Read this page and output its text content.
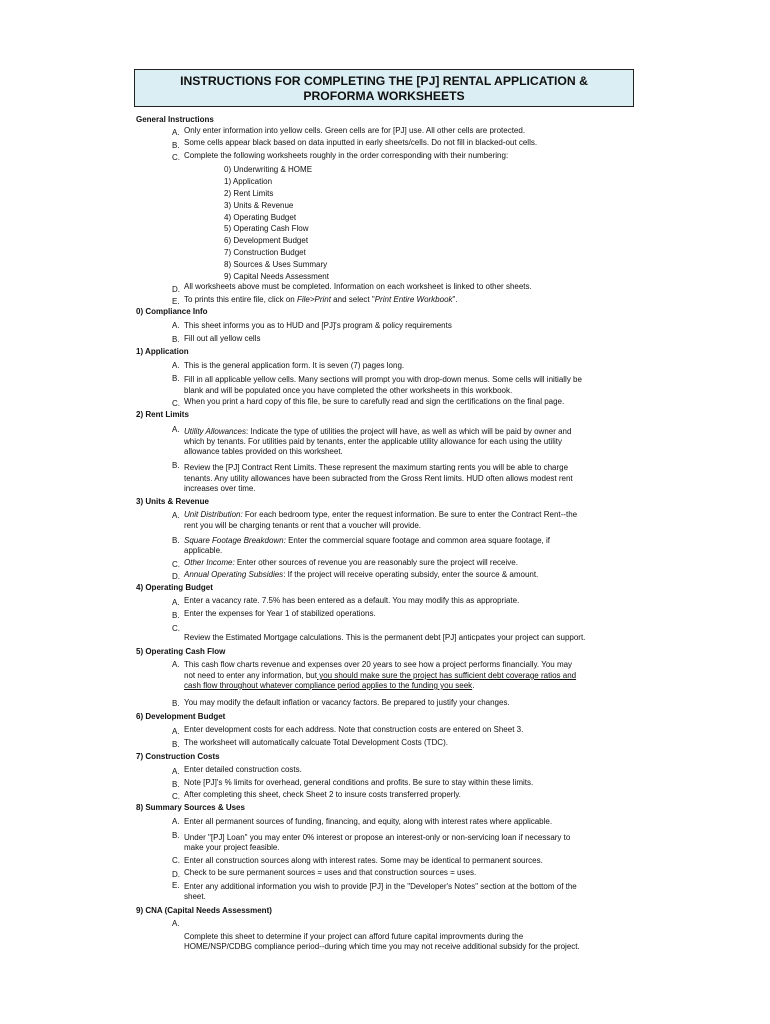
INSTRUCTIONS FOR COMPLETING THE [PJ] RENTAL APPLICATION &
PROFORMA WORKSHEETS
General Instructions
A. Only enter information into yellow cells. Green cells are for [PJ] use. All other cells are protected.
B. Some cells appear black based on data inputted in early sheets/cells. Do not fill in blacked-out cells.
C. Complete the following worksheets roughly in the order corresponding with their numbering:
0) Underwriting & HOME
1) Application
2) Rent Limits
3) Units & Revenue
4) Operating Budget
5) Operating Cash Flow
6) Development Budget
7) Construction Budget
8) Sources & Uses Summary
9) Capital Needs Assessment
D. All worksheets above must be completed. Information on each worksheet is linked to other sheets.
E. To prints this entire file, click on File>Print and select "Print Entire Workbook".
0) Compliance Info
A. This sheet informs you as to HUD and [PJ]'s program & policy requirements
B. Fill out all yellow cells
1) Application
A. This is the general application form. It is seven (7) pages long.
B. Fill in all applicable yellow cells. Many sections will prompt you with drop-down menus. Some cells will initially be
blank and will be populated once you have completed the other worksheets in this workbook.
C. When you print a hard copy of this file, be sure to carefully read and sign the certifications on the final page.
2) Rent Limits
A. Utility Allowances: Indicate the type of utilities the project will have, as well as which will be paid by owner and
which by tenants. For utilities paid by tenants, enter the applicable utility allowance for each using the utility
allowance tables provided on this worksheet.
B. Review the [PJ] Contract Rent Limits. These represent the maximum starting rents you will be able to charge
tenants. Any utility allowances have been subracted from the Gross Rent limits. HUD often allows modest rent
increases over time.
3) Units & Revenue
A. Unit Distribution: For each bedroom type, enter the request information. Be sure to enter the Contract Rent--the
rent you will be charging tenants or rent that a voucher will provide.
B. Square Footage Breakdown: Enter the commercial square footage and common area square footage, if
applicable.
C. Other Income: Enter other sources of revenue you are reasonably sure the project will receive.
D. Annual Operating Subsidies: If the project will receive operating subsidy, enter the source & amount.
4) Operating Budget
A. Enter a vacancy rate. 7.5% has been entered as a default. You may modify this as appropriate.
B. Enter the expenses for Year 1 of stabilized operations.
C.
Review the Estimated Mortgage calculations. This is the permanent debt [PJ] anticpates your project can support.
5) Operating Cash Flow
A. This cash flow charts revenue and expenses over 20 years to see how a project performs financially. You may
not need to enter any information, but you should make sure the project has sufficient debt coverage ratios and
cash flow throughout whatever compliance period applies to the funding you seek.
B. You may modify the default inflation or vacancy factors. Be prepared to justify your changes.
6) Development Budget
A. Enter development costs for each address. Note that construction costs are entered on Sheet 3.
B. The worksheet will automatically calcuate Total Development Costs (TDC).
7) Construction Costs
A. Enter detailed construction costs.
B. Note [PJ]'s % limits for overhead, general conditions and profits. Be sure to stay within these limits.
C. After completing this sheet, check Sheet 2 to insure costs transferred properly.
8) Summary Sources & Uses
A. Enter all permanent sources of funding, financing, and equity, along with interest rates where applicable.
B. Under "[PJ] Loan" you may enter 0% interest or propose an interest-only or non-servicing loan if necessary to
make your project feasible.
C. Enter all construction sources along with interest rates. Some may be identical to permanent sources.
D. Check to be sure permanent sources = uses and that construction sources = uses.
E. Enter any additional information you wish to provide [PJ] in the "Developer's Notes" section at the bottom of the
sheet.
9) CNA (Capital Needs Assessment)
A.
Complete this sheet to determine if your project can afford future capital improvments during the
HOME/NSP/CDBG compliance period--during which time you may not receive additional subsidy for the project.
